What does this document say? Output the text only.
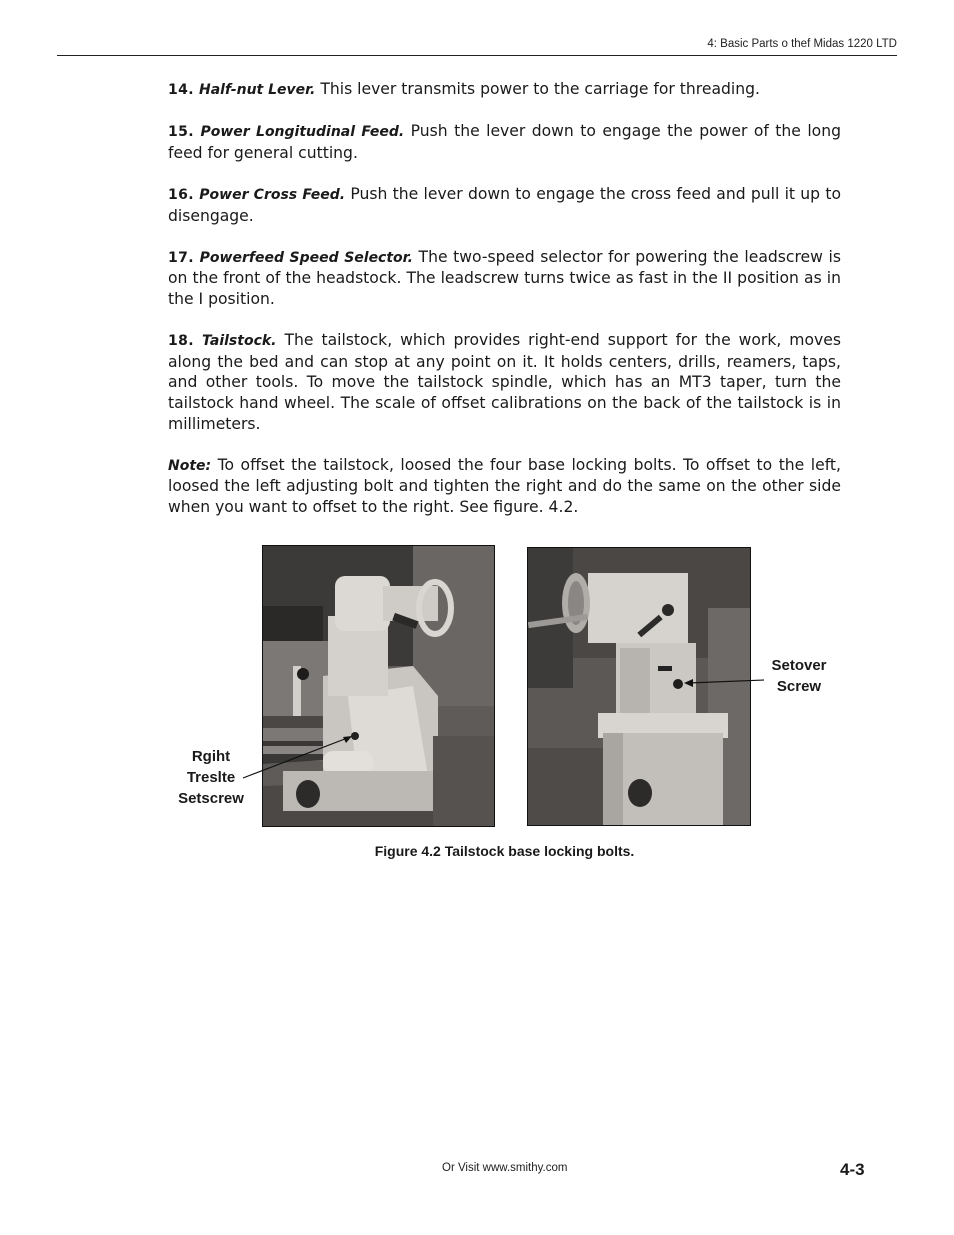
4: Basic Parts o thef Midas 1220 LTD

14. Half-nut Lever. This lever transmits power to the carriage for threading.

15. Power Longitudinal Feed. Push the lever down to engage the power of the long feed for general cutting.

16. Power Cross Feed. Push the lever down to engage the cross feed and pull it up to disengage.

17. Powerfeed Speed Selector. The two-speed selector for powering the leadscrew is on the front of the headstock. The leadscrew turns twice as fast in the II position as in the I position.

18. Tailstock. The tailstock, which provides right-end support for the work, moves along the bed and can stop at any point on it. It holds centers, drills, reamers, taps, and other tools. To move the tailstock spindle, which has an MT3 taper, turn the tailstock hand wheel. The scale of offset calibrations on the back of the tailstock is in millimeters.

Note: To offset the tailstock, loosed the four base locking bolts. To offset to the left, loosed the left adjusting bolt and tighten the right and do the same on the other side when you want to offset to the right. See figure. 4.2.

Rgiht
Treslte
Setscrew
Setover
Screw
Figure 4.2 Tailstock base locking bolts.
Or Visit www.smithy.com	4-3
